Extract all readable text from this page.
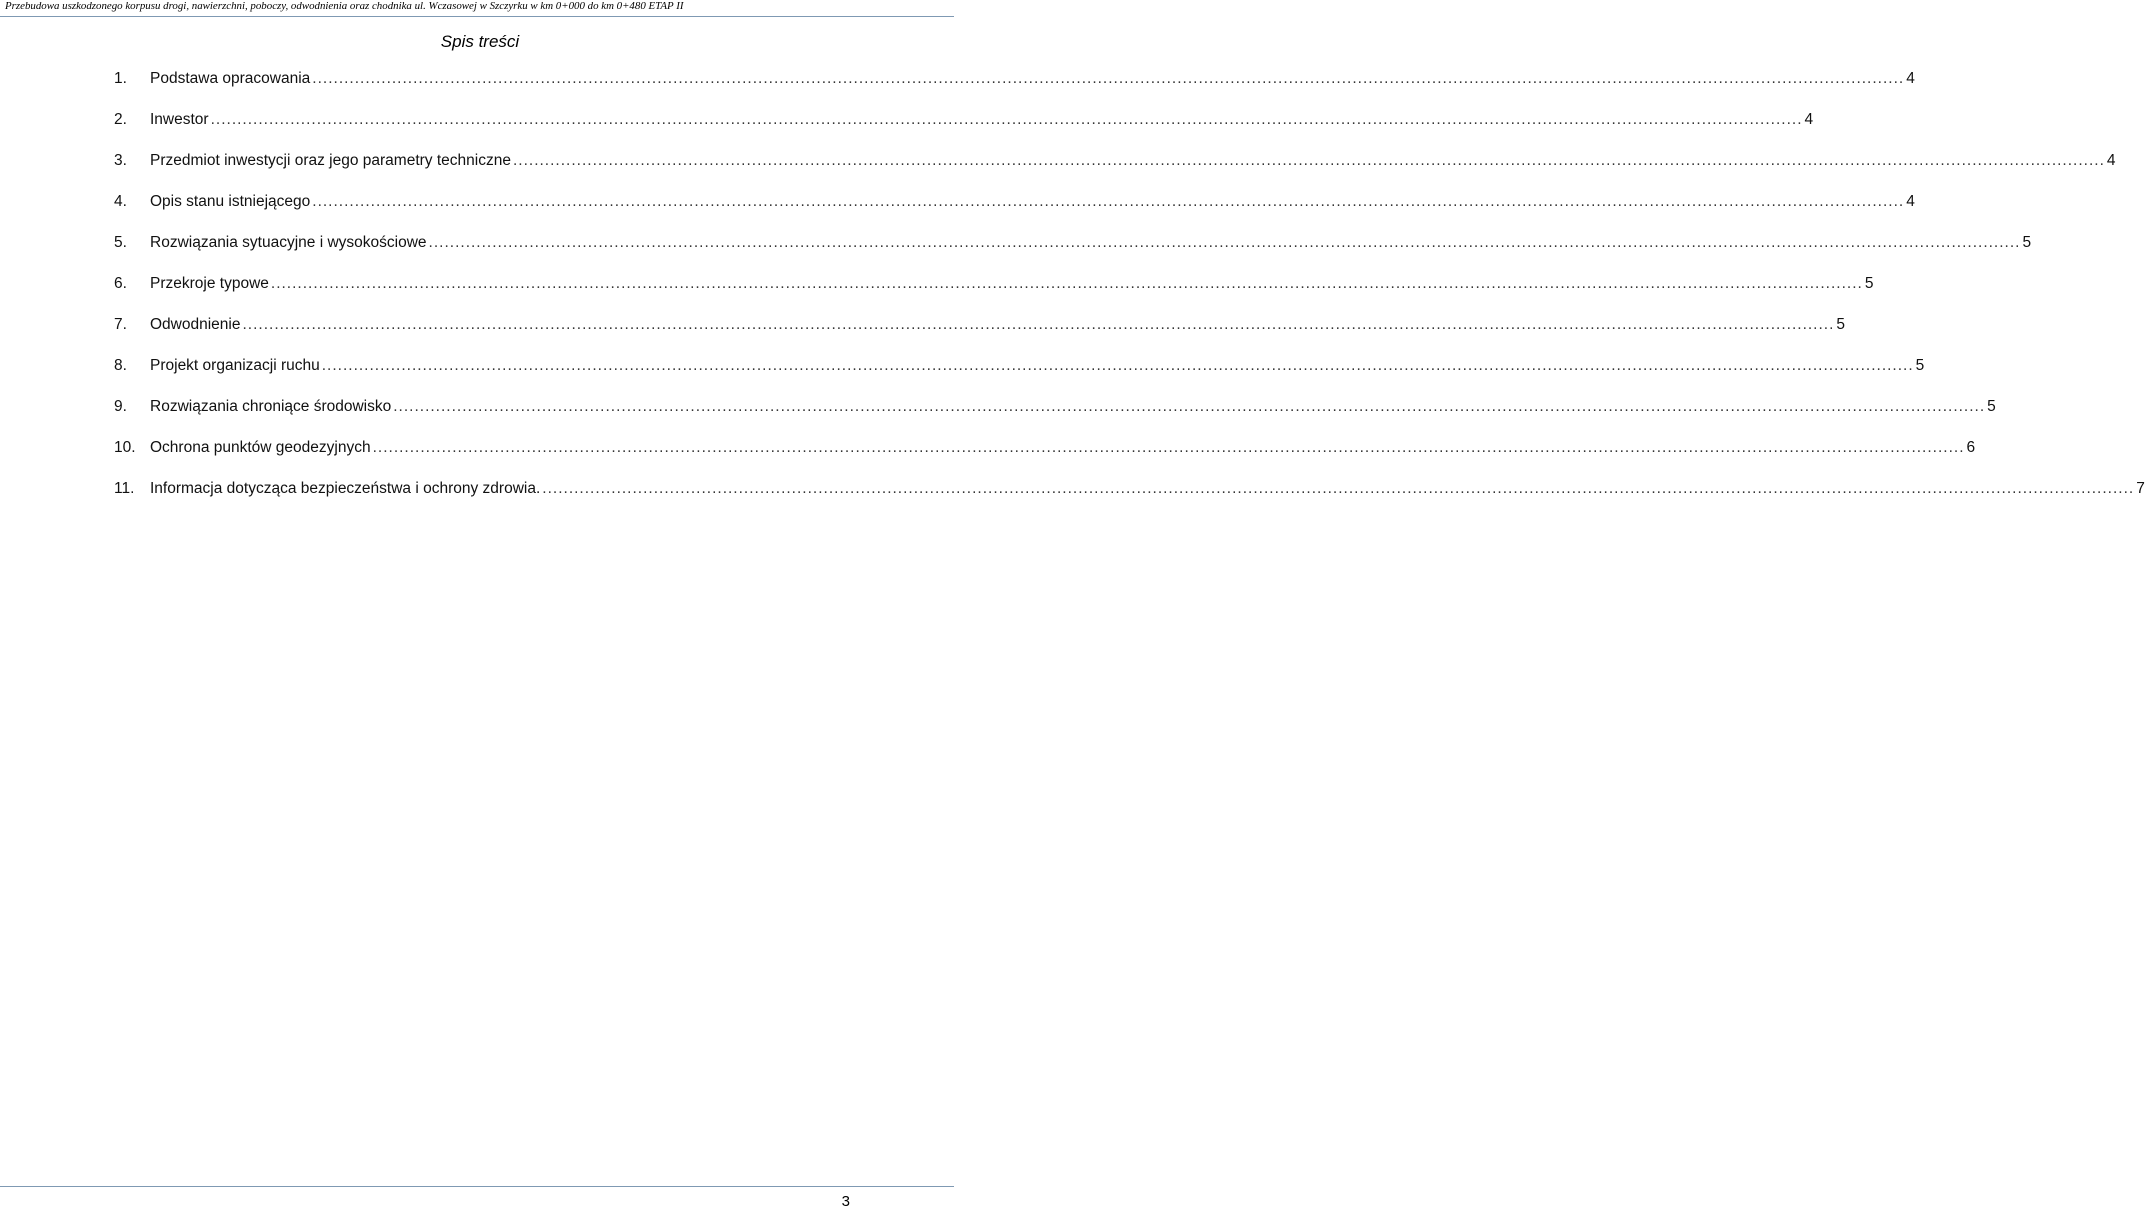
Przebudowa uszkodzonego korpusu drogi, nawierzchni, poboczy, odwodnienia oraz chodnika ul. Wczasowej w Szczyrku w km 0+000 do km 0+480 ETAP II
Spis treści
1.	Podstawa opracowania ............................................................................................................................................................................................................................................................................................................ 4
2.	Inwestor ............................................................................................................................................................................................................................................................................................................ 4
3.	Przedmiot inwestycji oraz jego parametry techniczne ............................................................................................................................................................................................................................................................................................................ 4
4.	Opis stanu istniejącego ............................................................................................................................................................................................................................................................................................................ 4
5.	Rozwiązania sytuacyjne i wysokościowe ............................................................................................................................................................................................................................................................................................................ 5
6.	Przekroje typowe ............................................................................................................................................................................................................................................................................................................ 5
7.	Odwodnienie ............................................................................................................................................................................................................................................................................................................ 5
8.	Projekt organizacji ruchu ............................................................................................................................................................................................................................................................................................................ 5
9.	Rozwiązania chroniące środowisko ............................................................................................................................................................................................................................................................................................................ 5
10. Ochrona punktów geodezyjnych ............................................................................................................................................................................................................................................................................................................ 6
11.	Informacja dotycząca bezpieczeństwa i ochrony zdrowia. ............................................................................................................................................................................................................................................................................................................ 7
3
